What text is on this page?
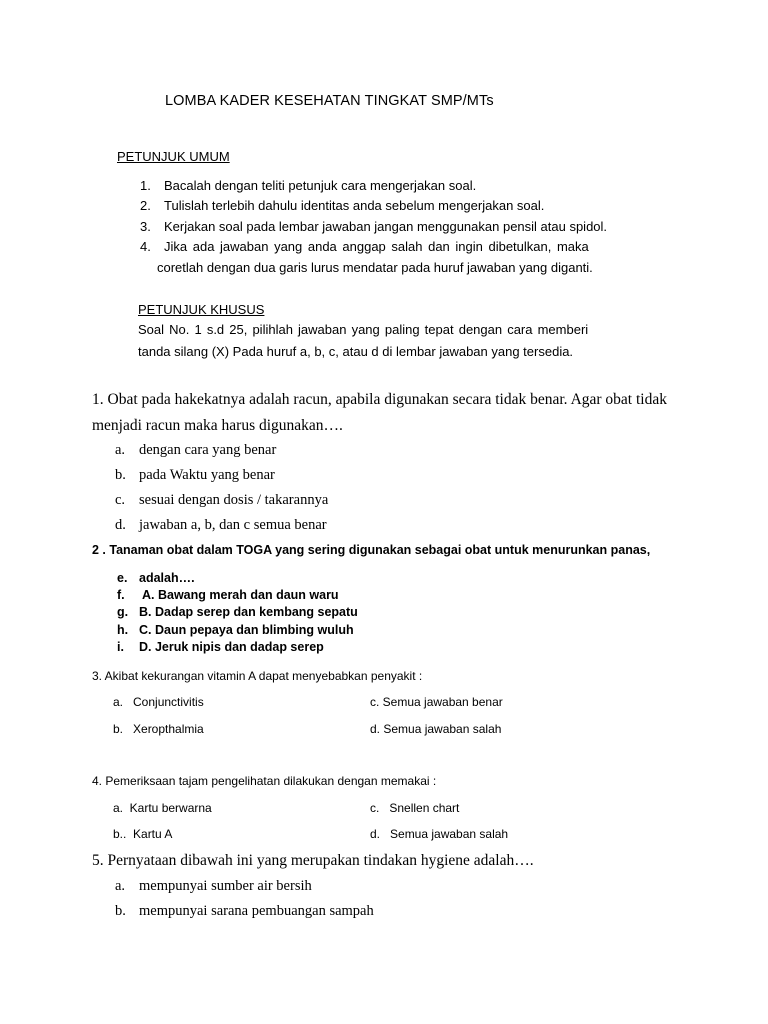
LOMBA KADER KESEHATAN TINGKAT SMP/MTs
PETUNJUK UMUM
1.	Bacalah dengan teliti petunjuk cara mengerjakan soal.
2.	Tulislah terlebih dahulu identitas anda sebelum mengerjakan soal.
3.	Kerjakan soal pada lembar jawaban jangan menggunakan pensil atau spidol.
4.	Jika ada jawaban yang anda anggap salah dan ingin dibetulkan, maka
coretlah dengan dua garis lurus mendatar pada huruf jawaban yang diganti.
PETUNJUK KHUSUS
Soal No. 1 s.d 25, pilihlah jawaban yang paling tepat dengan cara memberi
tanda silang (X) Pada huruf a, b, c, atau d di lembar jawaban yang tersedia.
1. Obat pada hakekatnya adalah racun, apabila digunakan secara tidak benar. Agar obat tidak
menjadi racun maka harus digunakan….
a. dengan cara yang benar
b. pada Waktu yang benar
c. sesuai dengan dosis / takarannya
d. jawaban a, b, dan c semua benar
2 . Tanaman obat dalam TOGA yang sering digunakan sebagai obat untuk menurunkan panas,
e. adalah….
f. A. Bawang merah dan daun waru
g. B. Dadap serep dan kembang sepatu
h. C. Daun pepaya dan blimbing wuluh
i. D. Jeruk nipis dan dadap serep
3. Akibat kekurangan vitamin A dapat menyebabkan penyakit :
a.   Conjunctivitis	c. Semua jawaban benar
b.   Xeropthalmia	d. Semua jawaban salah
4. Pemeriksaan tajam pengelihatan dilakukan dengan memakai :
a.  Kartu berwarna	c.   Snellen chart
b..  Kartu A	d.   Semua jawaban salah
5. Pernyataan dibawah ini yang merupakan tindakan hygiene adalah….
a. mempunyai sumber air bersih
b. mempunyai sarana pembuangan sampah
